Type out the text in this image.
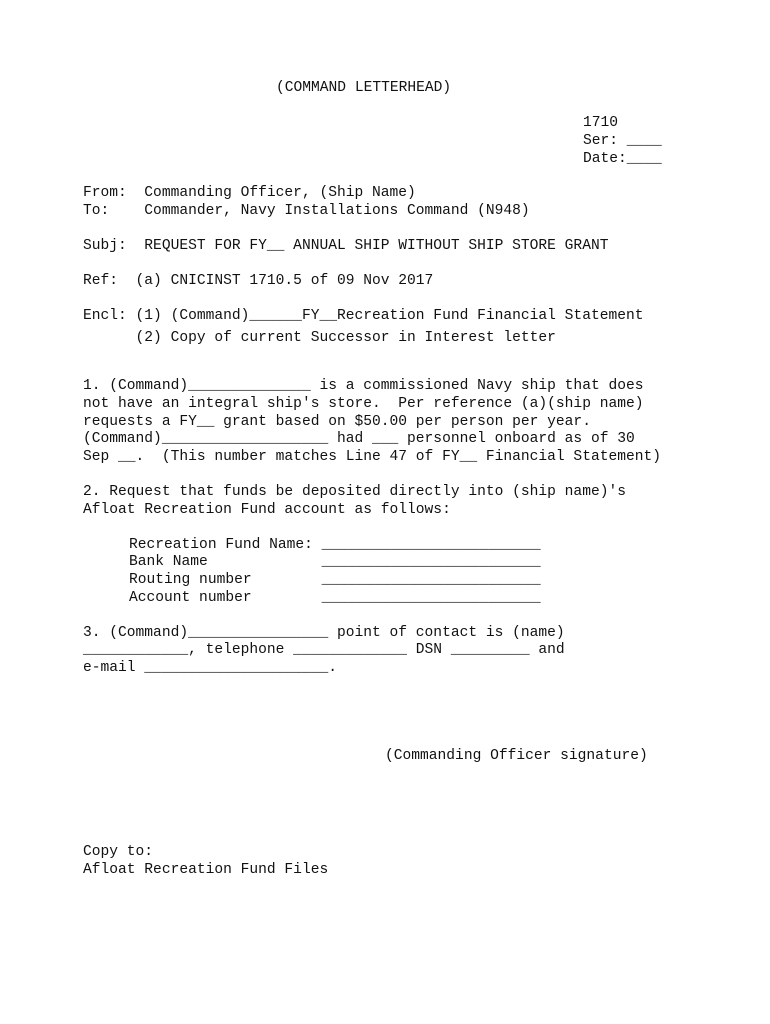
(COMMAND LETTERHEAD)
1710
Ser: ____
Date:____
From:  Commanding Officer, (Ship Name)
To:    Commander, Navy Installations Command (N948)
Subj:  REQUEST FOR FY__ ANNUAL SHIP WITHOUT SHIP STORE GRANT
Ref:  (a) CNICINST 1710.5 of 09 Nov 2017
Encl: (1) (Command)______FY__Recreation Fund Financial Statement
(2) Copy of current Successor in Interest letter
1. (Command)______________ is a commissioned Navy ship that does
not have an integral ship's store.  Per reference (a)(ship name)
requests a FY__ grant based on $50.00 per person per year.
(Command)___________________ had ___ personnel onboard as of 30
Sep __.  (This number matches Line 47 of FY__ Financial Statement)
2. Request that funds be deposited directly into (ship name)'s
Afloat Recreation Fund account as follows:
Recreation Fund Name: _________________________
Bank Name             _________________________
Routing number        _________________________
Account number        _________________________
3. (Command)________________ point of contact is (name)
____________, telephone _____________ DSN _________ and
e-mail _____________________.
(Commanding Officer signature)
Copy to:
Afloat Recreation Fund Files
